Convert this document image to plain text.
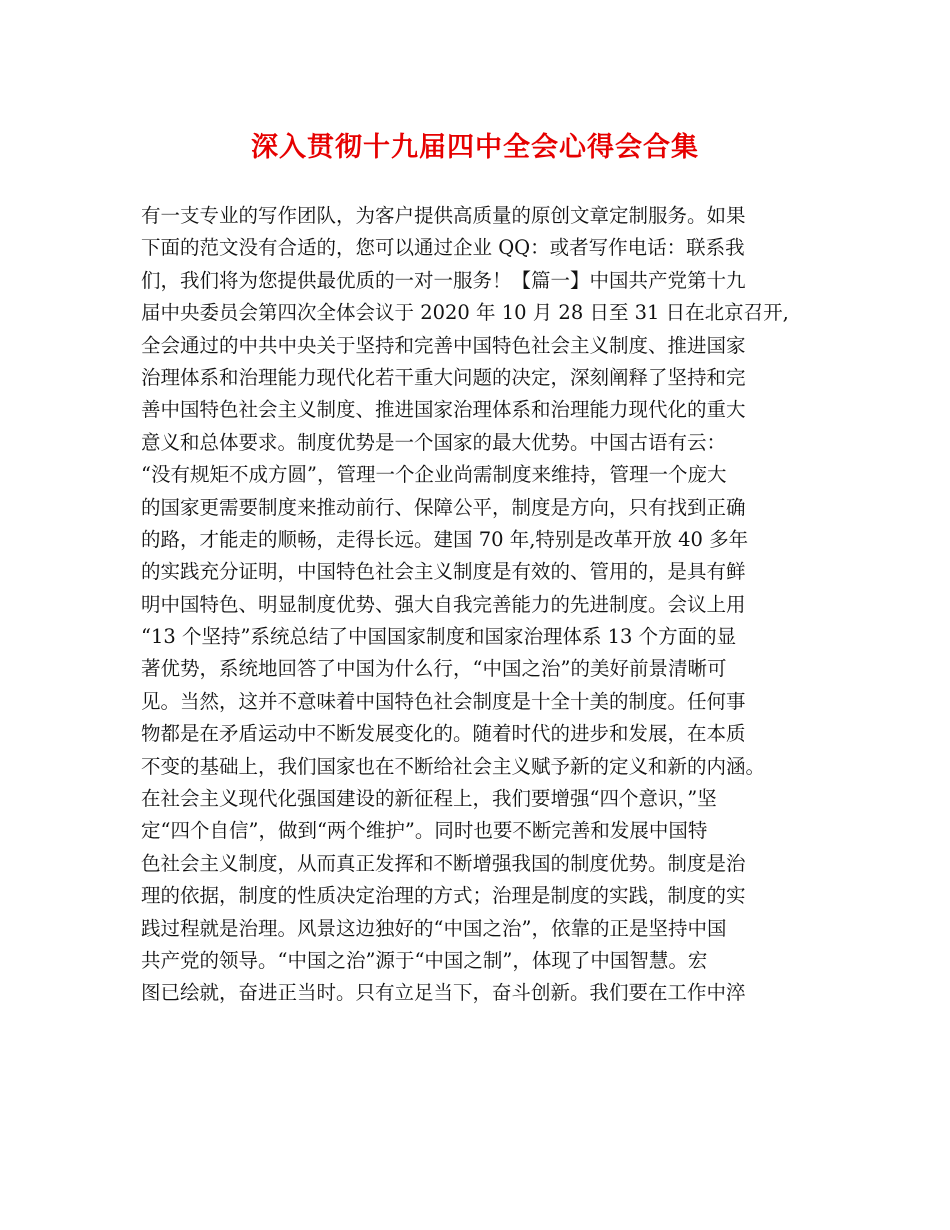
深入贯彻十九届四中全会心得会合集
有一支专业的写作团队，为客户提供高质量的原创文章定制服务。如果
下面的范文没有合适的，您可以通过企业 QQ：或者写作电话：联系我
们，我们将为您提供最优质的一对一服务！【篇一】中国共产党第十九
届中央委员会第四次全体会议于 2020 年 10 月 28 日至 31 日在北京召开,
全会通过的中共中央关于坚持和完善中国特色社会主义制度、推进国家
治理体系和治理能力现代化若干重大问题的决定，深刻阐释了坚持和完
善中国特色社会主义制度、推进国家治理体系和治理能力现代化的重大
意义和总体要求。制度优势是一个国家的最大优势。中国古语有云：
“没有规矩不成方圆”，管理一个企业尚需制度来维持，管理一个庞大
的国家更需要制度来推动前行、保障公平，制度是方向，只有找到正确
的路，才能走的顺畅，走得长远。建国 70 年,特别是改革开放 40 多年
的实践充分证明，中国特色社会主义制度是有效的、管用的，是具有鲜
明中国特色、明显制度优势、强大自我完善能力的先进制度。会议上用
“13 个坚持”系统总结了中国国家制度和国家治理体系 13 个方面的显
著优势，系统地回答了中国为什么行，“中国之治”的美好前景清晰可
见。当然，这并不意味着中国特色社会制度是十全十美的制度。任何事
物都是在矛盾运动中不断发展变化的。随着时代的进步和发展，在本质
不变的基础上，我们国家也在不断给社会主义赋予新的定义和新的内涵。
在社会主义现代化强国建设的新征程上，我们要增强“四个意识，”坚
定“四个自信”，做到“两个维护”。同时也要不断完善和发展中国特
色社会主义制度，从而真正发挥和不断增强我国的制度优势。制度是治
理的依据，制度的性质决定治理的方式；治理是制度的实践，制度的实
践过程就是治理。风景这边独好的“中国之治”，依靠的正是坚持中国
共产党的领导。“中国之治”源于“中国之制”，体现了中国智慧。宏
图已绘就，奋进正当时。只有立足当下，奋斗创新。我们要在工作中淬
